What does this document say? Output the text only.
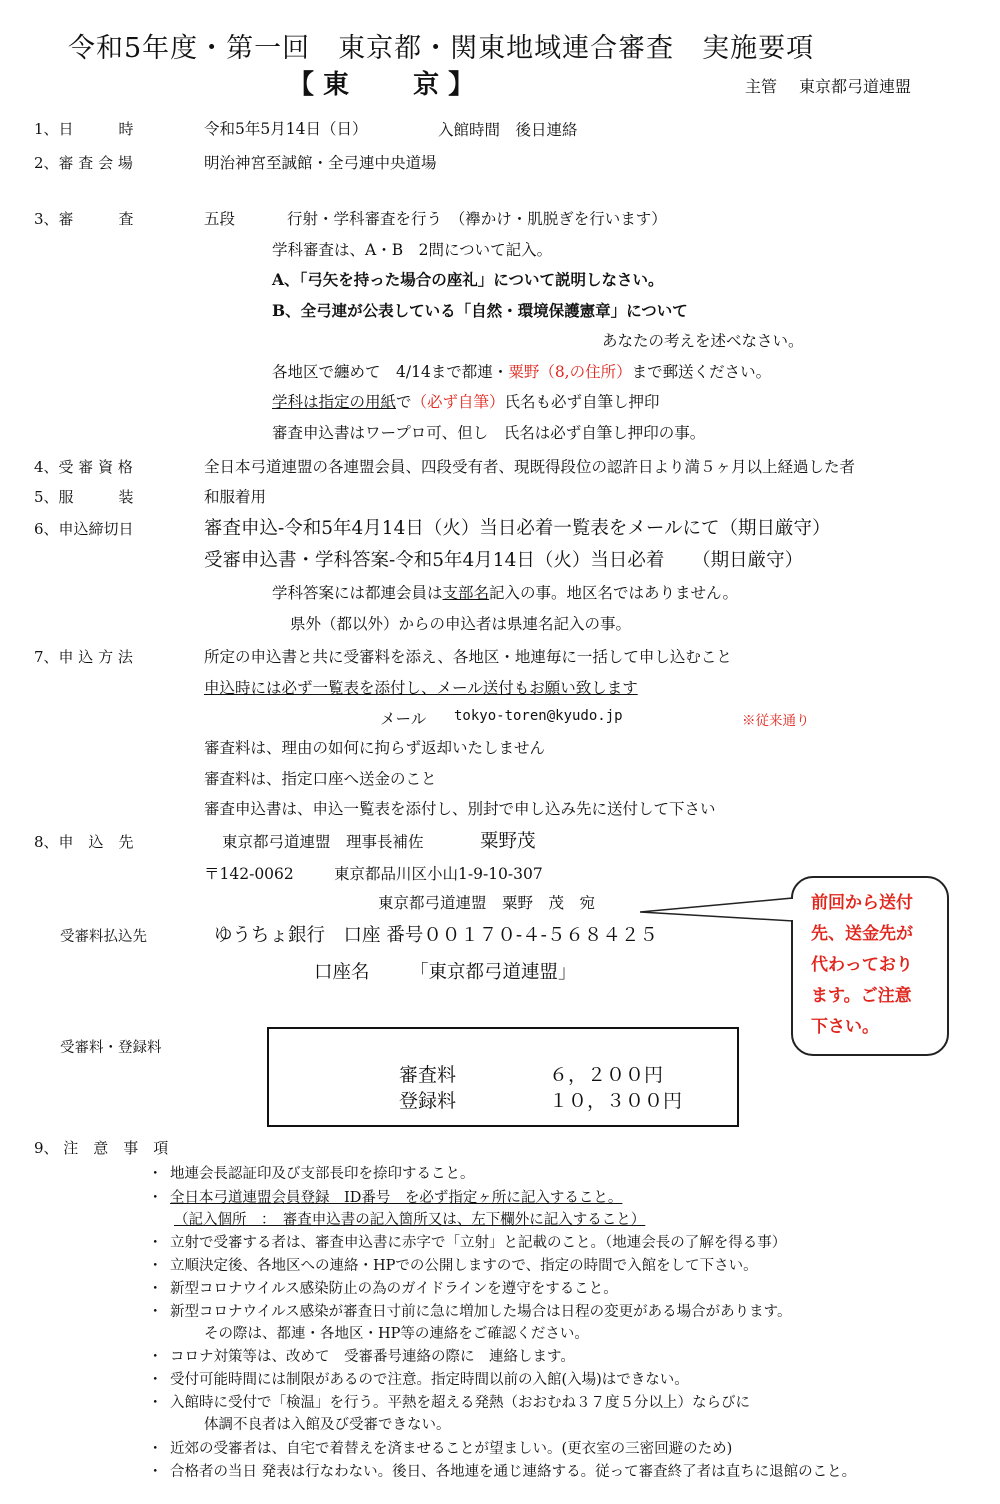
令和5年度・第一回　東京都・関東地域連合審査　実施要項
【 東 京 】	主管 東京都弓道連盟
1、日　　　時	令和5年5月14日（日）	入館時間　後日連絡
2、審 査 会 場	明治神宮至誠館・全弓連中央道場
3、審　　　査	五段	行射・学科審査を行う　（襷かけ・肌脱ぎを行います）
学科審査は、A・B　2問について記入。
A、「弓矢を持った場合の座礼」について説明しなさい。
B、全弓連が公表している「自然・環境保護憲章」について
あなたの考えを述べなさい。
各地区で纏めて　4/14まで都連・粟野（8,の住所）まで郵送ください。
学科は指定の用紙で（必ず自筆）氏名も必ず自筆し押印
審査申込書はワープロ可、但し　氏名は必ず自筆し押印の事。
4、受 審 資 格	全日本弓道連盟の各連盟会員、四段受有者、現既得段位の認許日より満５ヶ月以上経過した者
5、服　　　装	和服着用
6、申込締切日	審査申込-令和5年4月14日（火）当日必着一覧表をメールにて（期日厳守）
受審申込書・学科答案-令和5年4月14日（火）当日必着　　（期日厳守）
学科答案には都連会員は支部名記入の事。地区名ではありません。
県外（都以外）からの申込者は県連名記入の事。
7、申 込 方 法	所定の申込書と共に受審料を添え、各地区・地連毎に一括して申し込むこと
申込時には必ず一覧表を添付し、メール送付もお願い致します
メール tokyo-toren@kyudo.jp	※従来通り
審査料は、理由の如何に拘らず返却いたしません
審査料は、指定口座へ送金のこと
審査申込書は、申込一覧表を添付し、別封で申し込み先に送付して下さい
8、申　込　先	東京都弓道連盟　理事長補佐	粟野茂
〒142-0062	東京都品川区小山1-9-10-307
東京都弓道連盟　粟野　茂　宛
受審料払込先	ゆうちょ銀行　口座 番号００１７０-４-５６８４２５
口座名 「東京都弓道連盟」
前回から送付
先、送金先が
代わっており
ます。ご注意
下さい。
受審料・登録料
審査料	６，２００円
登録料	１０，３００円
9、 注　意　事　項
・ 地連会長認証印及び支部長印を捺印すること。
・ 全日本弓道連盟会員登録　ID番号　を必ず指定ヶ所に記入すること。
（記入個所　：　審査申込書の記入箇所又は、左下欄外に記入すること）
・ 立射で受審する者は、審査申込書に赤字で「立射」と記載のこと。（地連会長の了解を得る事）
・ 立順決定後、各地区への連絡・HPでの公開しますので、指定の時間で入館をして下さい。
・ 新型コロナウイルス感染防止の為のガイドラインを遵守をすること。
・ 新型コロナウイルス感染が審査日寸前に急に増加した場合は日程の変更がある場合があります。
その際は、都連・各地区・HP等の連絡をご確認ください。
・ コロナ対策等は、改めて　受審番号連絡の際に　連絡します。
・ 受付可能時間には制限があるので注意。指定時間以前の入館(入場)はできない。
・ 入館時に受付で「検温」を行う。平熱を超える発熱（おおむね３７度５分以上）ならびに
体調不良者は入館及び受審できない。
・ 近郊の受審者は、自宅で着替えを済ませることが望ましい。(更衣室の三密回避のため)
・ 合格者の当日 発表は行なわない。後日、各地連を通じ連絡する。従って審査終了者は直ちに退館のこと。
